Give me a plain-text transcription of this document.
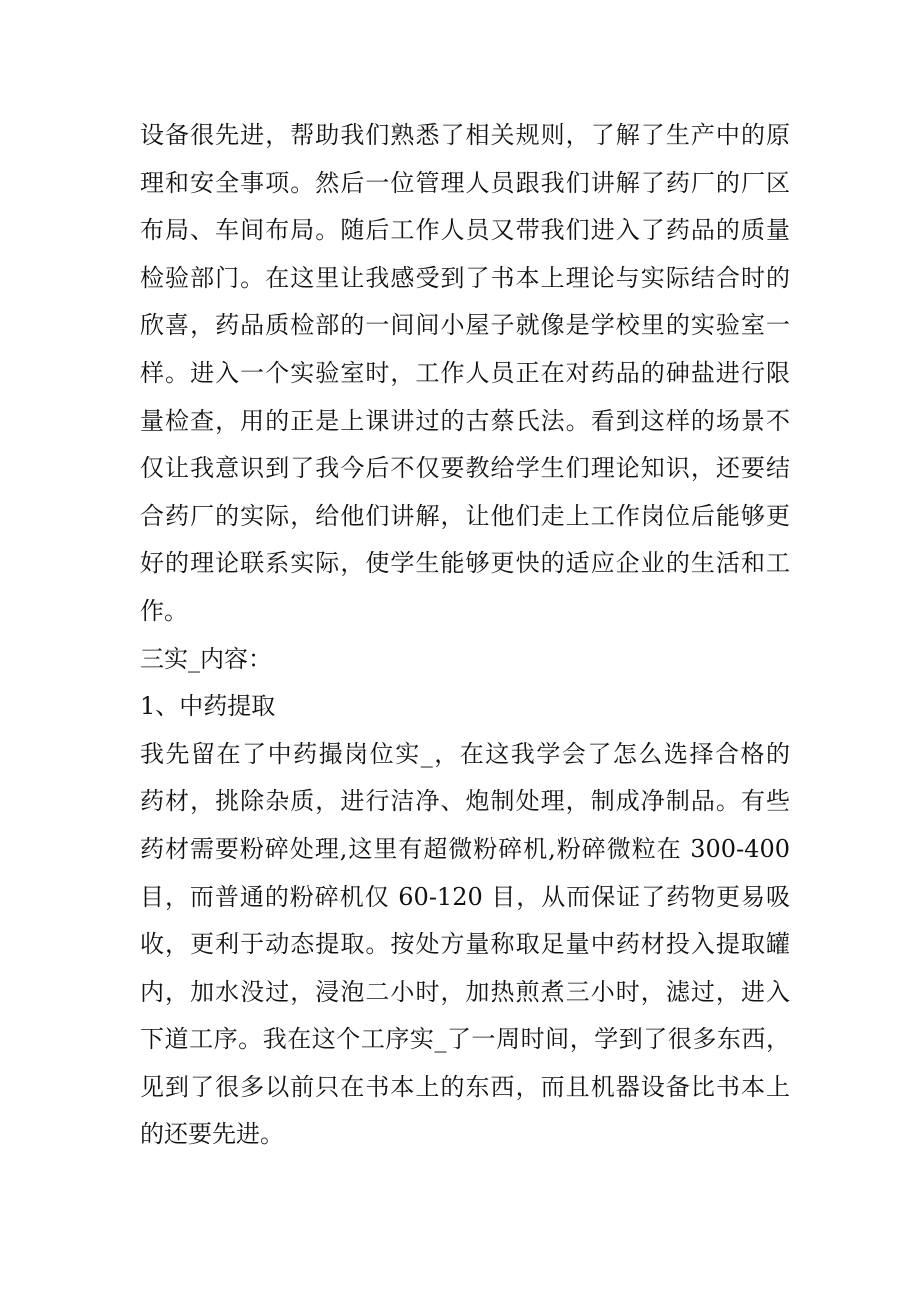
设备很先进，帮助我们熟悉了相关规则，了解了生产中的原
理和安全事项。然后一位管理人员跟我们讲解了药厂的厂区
布局、车间布局。随后工作人员又带我们进入了药品的质量
检验部门。在这里让我感受到了书本上理论与实际结合时的
欣喜，药品质检部的一间间小屋子就像是学校里的实验室一
样。进入一个实验室时，工作人员正在对药品的砷盐进行限
量检查，用的正是上课讲过的古蔡氏法。看到这样的场景不
仅让我意识到了我今后不仅要教给学生们理论知识，还要结
合药厂的实际，给他们讲解，让他们走上工作岗位后能够更
好的理论联系实际，使学生能够更快的适应企业的生活和工
作。
三实_内容：
1、中药提取
我先留在了中药撮岗位实_，在这我学会了怎么选择合格的
药材，挑除杂质，进行洁净、炮制处理，制成净制品。有些
药材需要粉碎处理,这里有超微粉碎机,粉碎微粒在 300-400
目，而普通的粉碎机仅 60-120 目，从而保证了药物更易吸
收，更利于动态提取。按处方量称取足量中药材投入提取罐
内，加水没过，浸泡二小时，加热煎煮三小时，滤过，进入
下道工序。我在这个工序实_了一周时间，学到了很多东西，
见到了很多以前只在书本上的东西，而且机器设备比书本上
的还要先进。
